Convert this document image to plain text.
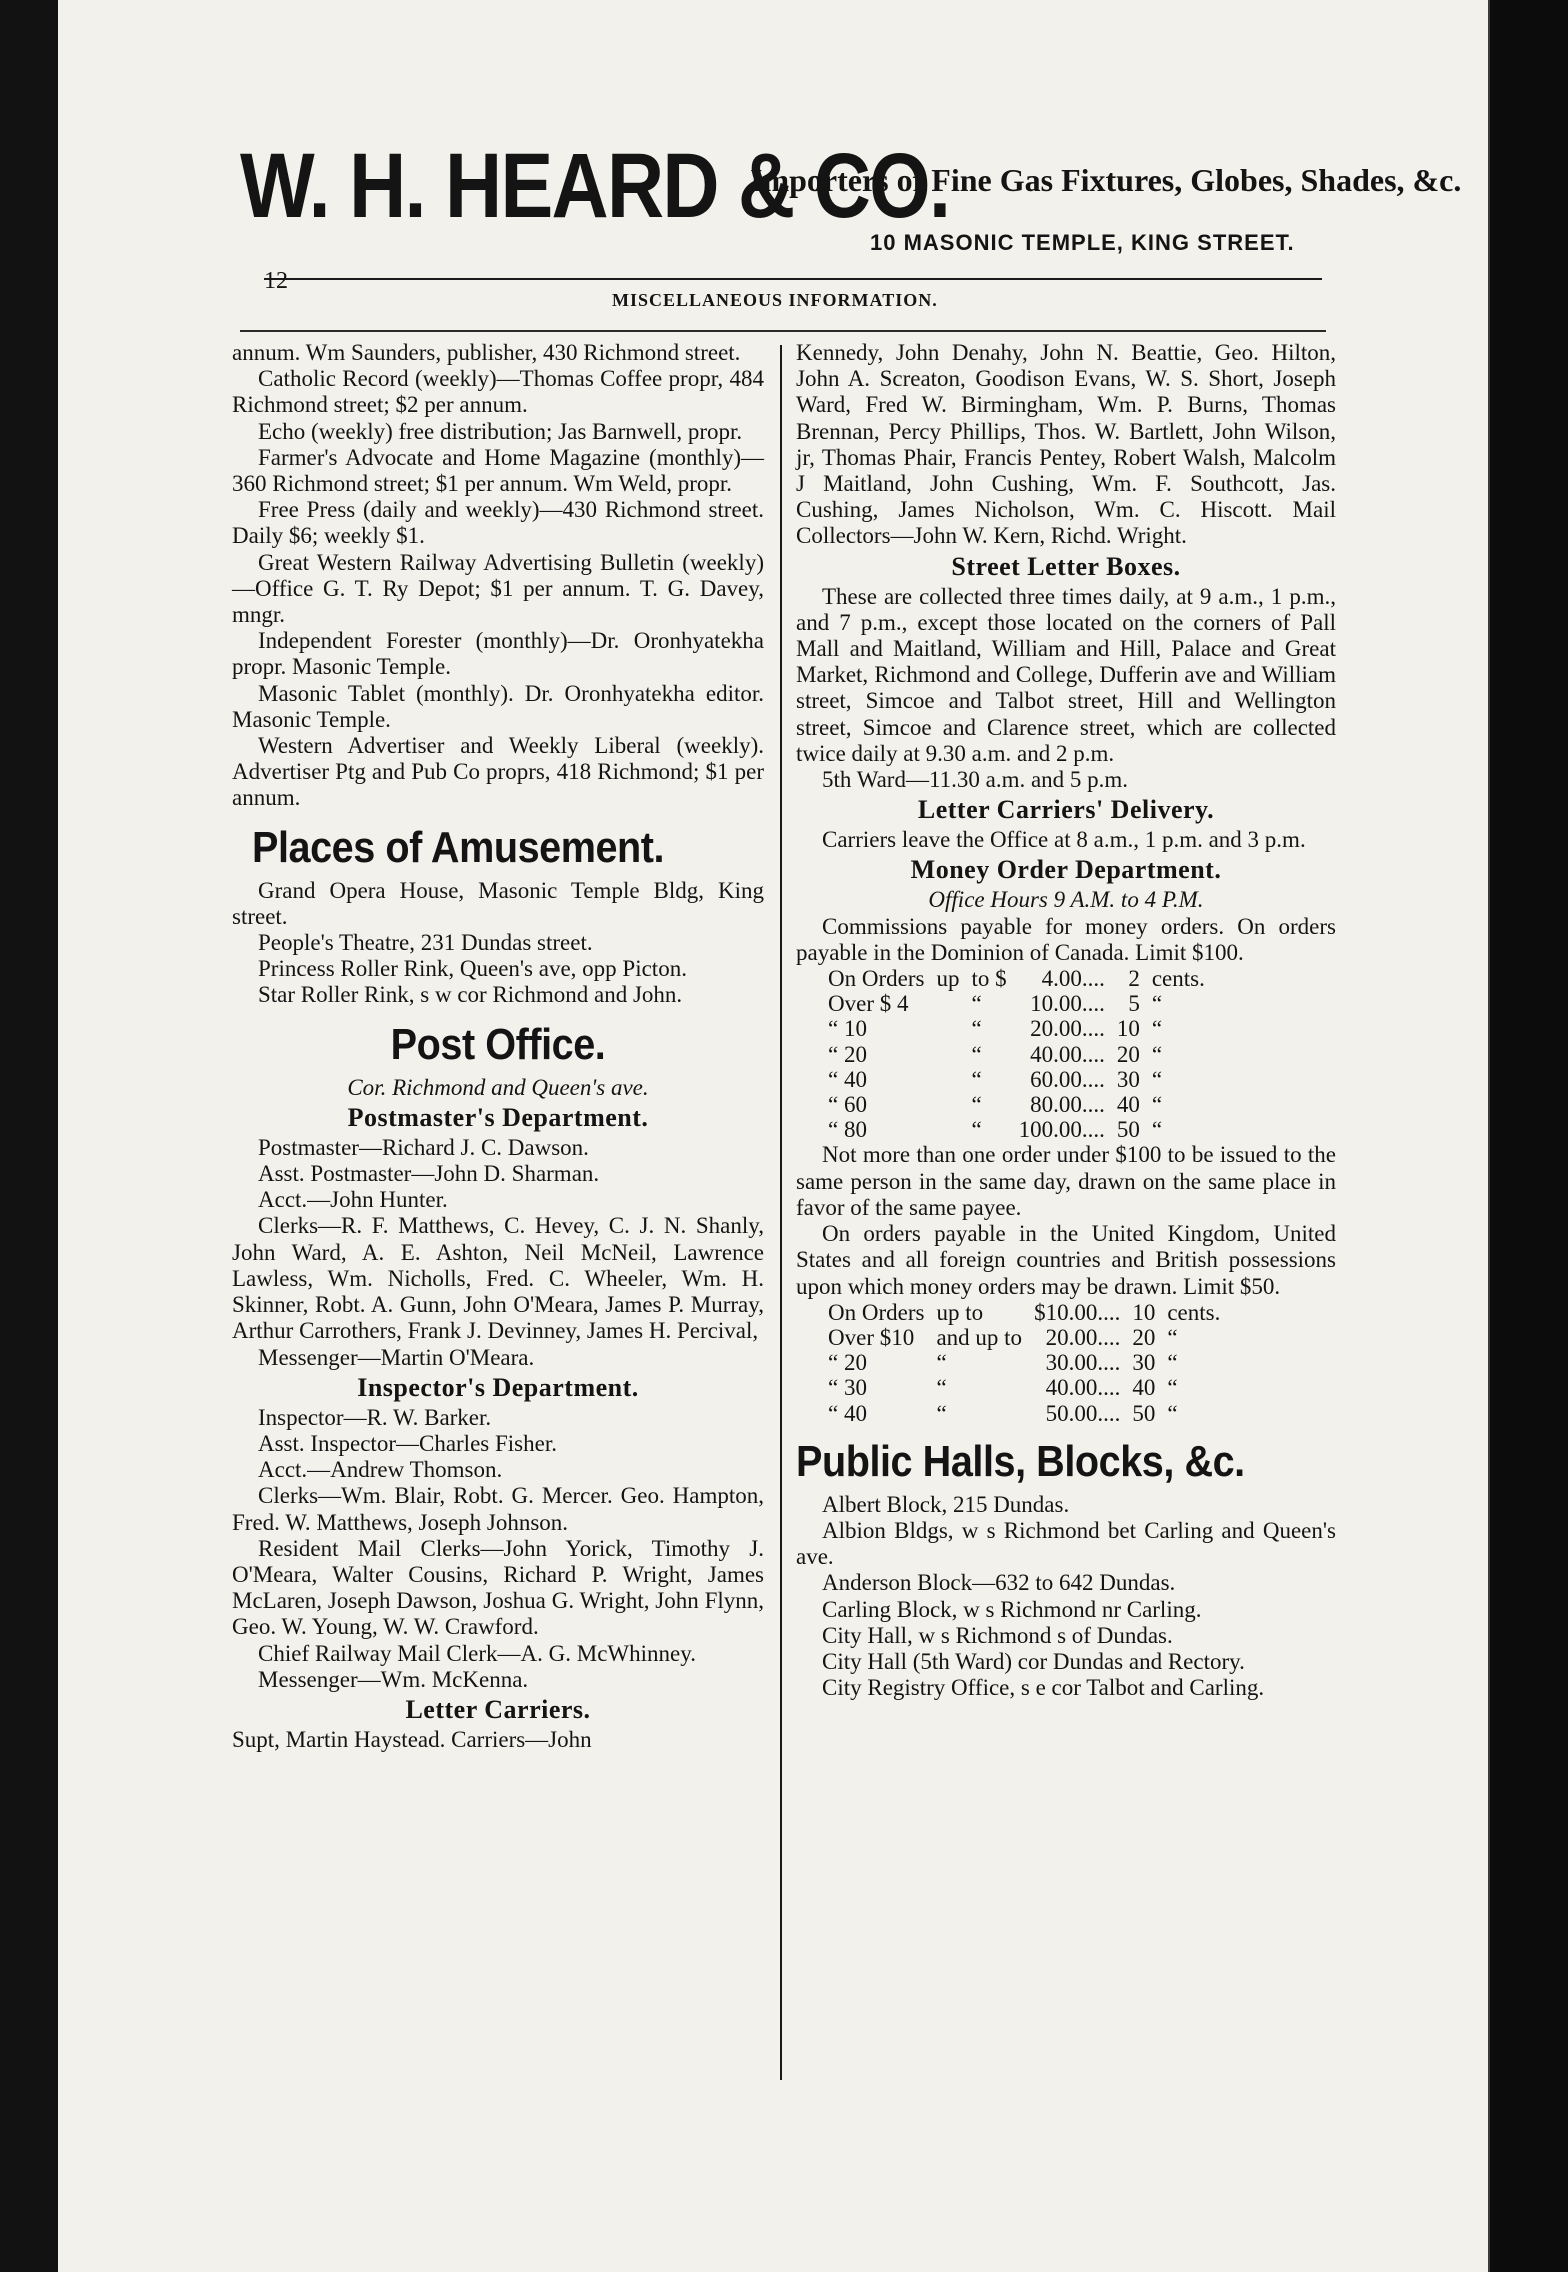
W. H. HEARD & CO.
Importers of Fine Gas Fixtures, Globes, Shades, &c.
10 MASONIC TEMPLE, KING STREET.
12
MISCELLANEOUS INFORMATION.

annum. Wm Saunders, publisher, 430 Richmond street.

Catholic Record (weekly)—Thomas Coffee propr, 484 Richmond street; $2 per annum.

Echo (weekly) free distribution; Jas Barnwell, propr.

Farmer's Advocate and Home Magazine (monthly)—360 Richmond street; $1 per annum. Wm Weld, propr.

Free Press (daily and weekly)—430 Richmond street. Daily $6; weekly $1.

Great Western Railway Advertising Bulletin (weekly)—Office G. T. Ry Depot; $1 per annum. T. G. Davey, mngr.

Independent Forester (monthly)—Dr. Oronhyatekha propr. Masonic Temple.

Masonic Tablet (monthly). Dr. Oronhyatekha editor. Masonic Temple.

Western Advertiser and Weekly Liberal (weekly). Advertiser Ptg and Pub Co proprs, 418 Richmond; $1 per annum.

Places of Amusement.

Grand Opera House, Masonic Temple Bldg, King street.

People's Theatre, 231 Dundas street.

Princess Roller Rink, Queen's ave, opp Picton.

Star Roller Rink, s w cor Richmond and John.

Post Office.
Cor. Richmond and Queen's ave.
Postmaster's Department.

Postmaster—Richard J. C. Dawson.

Asst. Postmaster—John D. Sharman.

Acct.—John Hunter.

Clerks—R. F. Matthews, C. Hevey, C. J. N. Shanly, John Ward, A. E. Ashton, Neil McNeil, Lawrence Lawless, Wm. Nicholls, Fred. C. Wheeler, Wm. H. Skinner, Robt. A. Gunn, John O'Meara, James P. Murray, Arthur Carrothers, Frank J. Devinney, James H. Percival,

Messenger—Martin O'Meara.

Inspector's Department.

Inspector—R. W. Barker.

Asst. Inspector—Charles Fisher.

Acct.—Andrew Thomson.

Clerks—Wm. Blair, Robt. G. Mercer. Geo. Hampton, Fred. W. Matthews, Joseph Johnson.

Resident Mail Clerks—John Yorick, Timothy J. O'Meara, Walter Cousins, Richard P. Wright, James McLaren, Joseph Dawson, Joshua G. Wright, John Flynn, Geo. W. Young, W. W. Crawford.

Chief Railway Mail Clerk—A. G. McWhinney.

Messenger—Wm. McKenna.

Letter Carriers.

Supt, Martin Haystead. Carriers—John

Kennedy, John Denahy, John N. Beattie, Geo. Hilton, John A. Screaton, Goodison Evans, W. S. Short, Joseph Ward, Fred W. Birmingham, Wm. P. Burns, Thomas Brennan, Percy Phillips, Thos. W. Bartlett, John Wilson, jr, Thomas Phair, Francis Pentey, Robert Walsh, Malcolm J Maitland, John Cushing, Wm. F. Southcott, Jas. Cushing, James Nicholson, Wm. C. Hiscott. Mail Collectors—John W. Kern, Richd. Wright.

Street Letter Boxes.

These are collected three times daily, at 9 a.m., 1 p.m., and 7 p.m., except those located on the corners of Pall Mall and Maitland, William and Hill, Palace and Great Market, Richmond and College, Dufferin ave and William street, Simcoe and Talbot street, Hill and Wellington street, Simcoe and Clarence street, which are collected twice daily at 9.30 a.m. and 2 p.m.

5th Ward—11.30 a.m. and 5 p.m.

Letter Carriers' Delivery.

Carriers leave the Office at 8 a.m., 1 p.m. and 3 p.m.

Money Order Department.
Office Hours 9 A.M. to 4 P.M.

Commissions payable for money orders. On orders payable in the Dominion of Canada. Limit $100.

On Orders	up	to $	4.00....	2	cents.
Over $ 4		“	10.00....	5	“
“ 10		“	20.00....	10	“
“ 20		“	40.00....	20	“
“ 40		“	60.00....	30	“
“ 60		“	80.00....	40	“
“ 80		“	100.00....	50	“

Not more than one order under $100 to be issued to the same person in the same day, drawn on the same place in favor of the same payee.

On orders payable in the United Kingdom, United States and all foreign countries and British possessions upon which money orders may be drawn. Limit $50.

On Orders	up to	$10.00....	10	cents.
Over $10	and up to	20.00....	20	“
“ 20	“	30.00....	30	“
“ 30	“	40.00....	40	“
“ 40	“	50.00....	50	“
Public Halls, Blocks, &c.

Albert Block, 215 Dundas.

Albion Bldgs, w s Richmond bet Carling and Queen's ave.

Anderson Block—632 to 642 Dundas.

Carling Block, w s Richmond nr Carling.

City Hall, w s Richmond s of Dundas.

City Hall (5th Ward) cor Dundas and Rectory.

City Registry Office, s e cor Talbot and Carling.
